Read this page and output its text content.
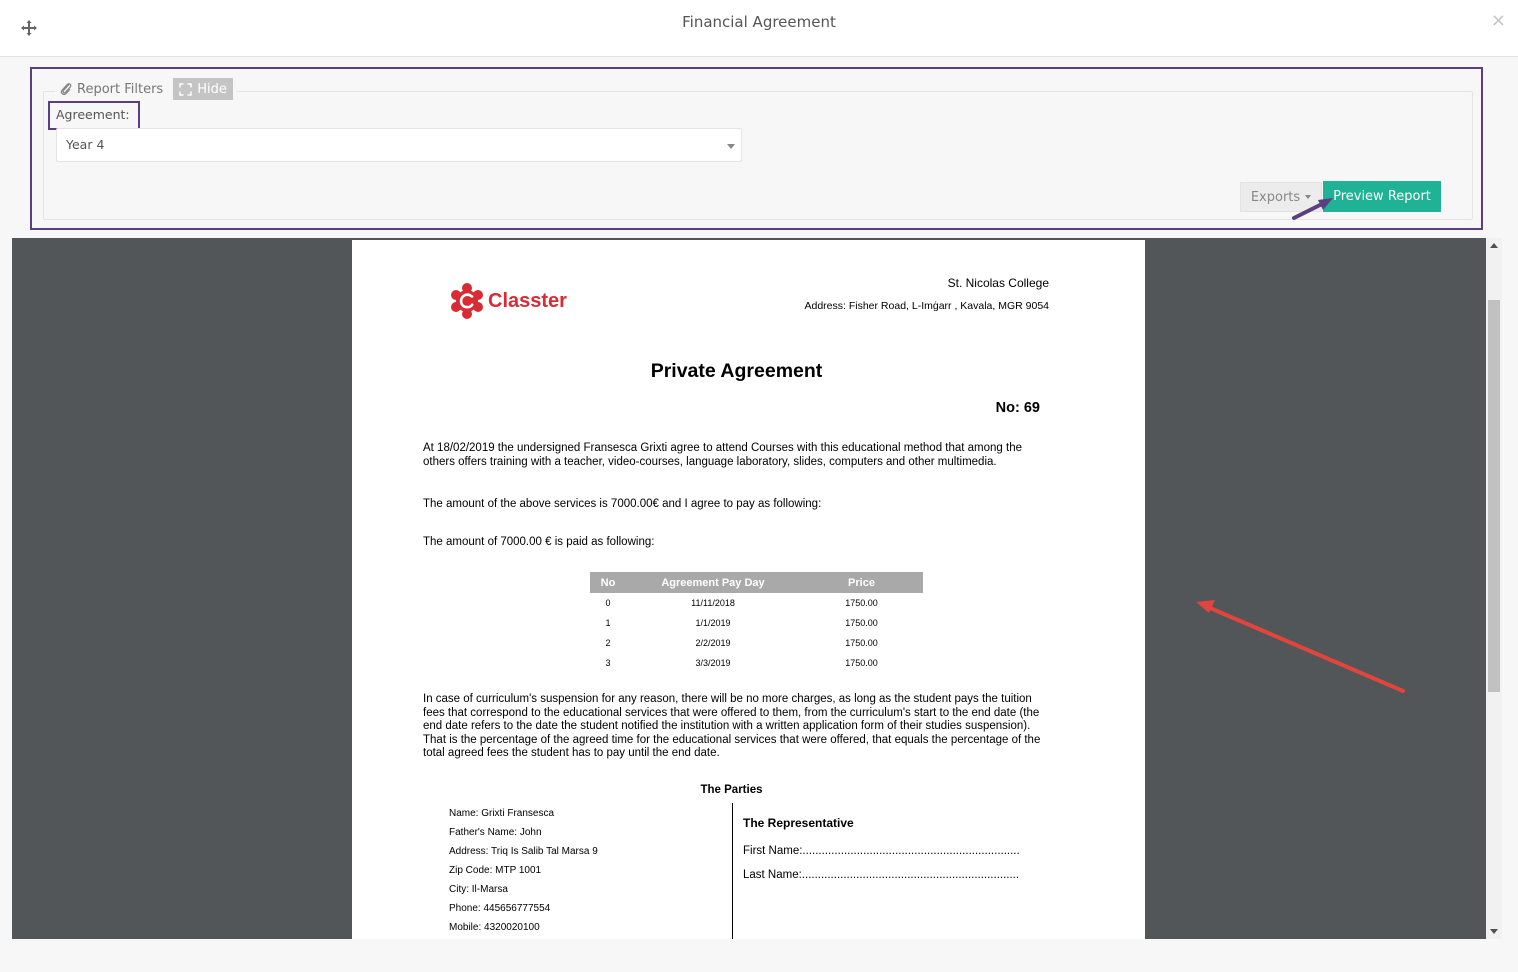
Financial Agreement	×
Report Filters	Hide
Agreement:
Year 4
Exports	Preview Report
Classter
St. Nicolas College
Address: Fisher Road, L-Imġarr , Kavala, MGR 9054
Private Agreement
No: 69
At 18/02/2019 the undersigned Fransesca Grixti agree to attend Courses with this educational method that among the others offers training with a teacher, video-courses, language laboratory, slides, computers and other multimedia.
The amount of the above services is 7000.00€ and I agree to pay as following:
The amount of 7000.00 € is paid as following:
No	Agreement Pay Day	Price
0	11/11/2018	1750.00
1	1/1/2019	1750.00
2	2/2/2019	1750.00
3	3/3/2019	1750.00
In case of curriculum's suspension for any reason, there will be no more charges, as long as the student pays the tuition fees that correspond to the educational services that were offered to them, from the curriculum's start to the end date (the end date refers to the date the student notified the institution with a written application form of their studies suspension). That is the percentage of the agreed time for the educational services that were offered, that equals the percentage of the total agreed fees the student has to pay until the end date.
The Parties
Name: Grixti Fransesca
Father's Name: John
Address: Triq Is Salib Tal Marsa 9
Zip Code: MTP 1001
City: Il-Marsa
Phone: 445656777554
Mobile: 4320020100
The Representative
First Name:....................................................................
Last Name:....................................................................
